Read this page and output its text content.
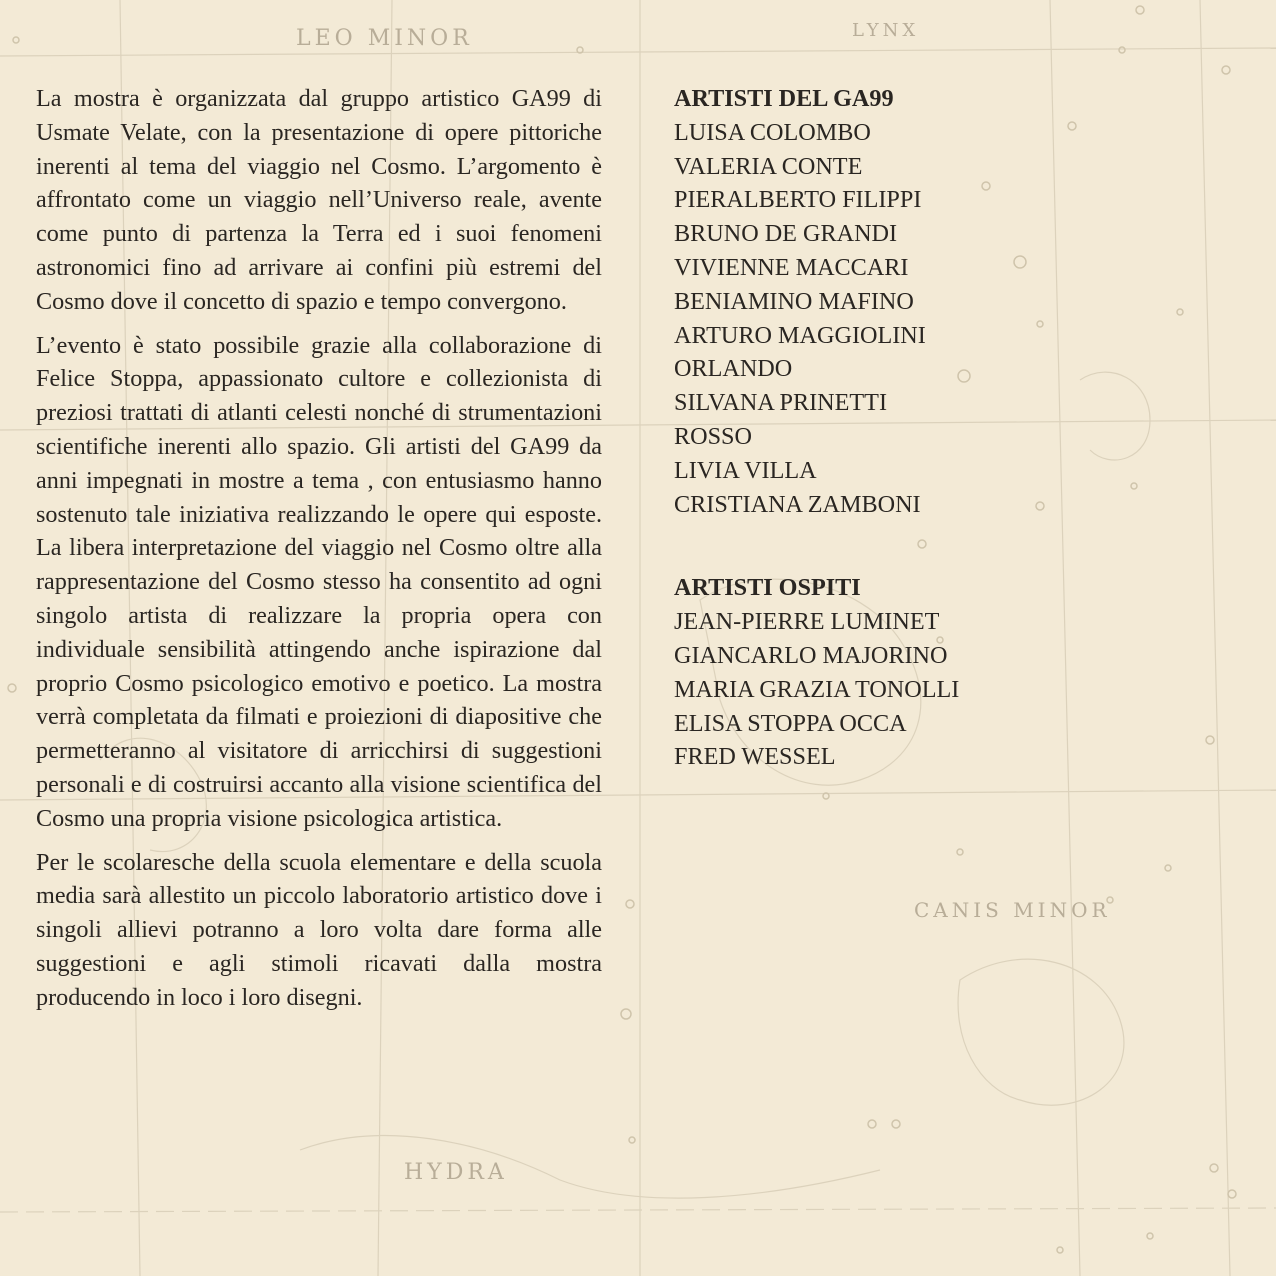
LEO MINOR	LYNX
CANIS MINOR
HYDRA

La mostra è organizzata dal gruppo artistico GA99 di Usmate Velate, con la presentazione di opere pittoriche inerenti al tema del viaggio nel Cosmo. L’argomento è affrontato come un viaggio nell’Universo reale, avente come punto di partenza la Terra ed i suoi fenomeni astronomici fino ad arrivare ai confini più estremi del Cosmo dove il concetto di spazio e tempo convergono.

L’evento è stato possibile grazie alla collaborazione di Felice Stoppa, appassionato cultore e collezionista di preziosi trattati di atlanti celesti nonché di strumentazioni scientifiche inerenti allo spazio. Gli artisti del GA99 da anni impegnati in mostre a tema , con entusiasmo hanno sostenuto tale iniziativa realizzando le opere qui esposte. La libera interpretazione del viaggio nel Cosmo oltre alla rappresentazione del Cosmo stesso ha consentito ad ogni singolo artista di realizzare la propria opera con individuale sensibilità attingendo anche ispirazione dal proprio Cosmo psicologico emotivo e poetico. La mostra verrà completata da filmati e proiezioni di diapositive che permetteranno al visitatore di arricchirsi di suggestioni personali e di costruirsi accanto alla visione scientifica del Cosmo una propria visione psicologica artistica.

Per le scolaresche della scuola elementare e della scuola media sarà allestito un piccolo laboratorio artistico dove i singoli allievi potranno a loro volta dare forma alle suggestioni e agli stimoli ricavati dalla mostra producendo in loco i loro disegni.

ARTISTI DEL GA99
LUISA COLOMBO
VALERIA CONTE
PIERALBERTO FILIPPI
BRUNO DE GRANDI
VIVIENNE MACCARI
BENIAMINO MAFINO
ARTURO MAGGIOLINI
ORLANDO
SILVANA PRINETTI
ROSSO
LIVIA VILLA
CRISTIANA ZAMBONI
ARTISTI OSPITI
JEAN-PIERRE LUMINET
GIANCARLO MAJORINO
MARIA GRAZIA TONOLLI
ELISA STOPPA OCCA
FRED WESSEL
